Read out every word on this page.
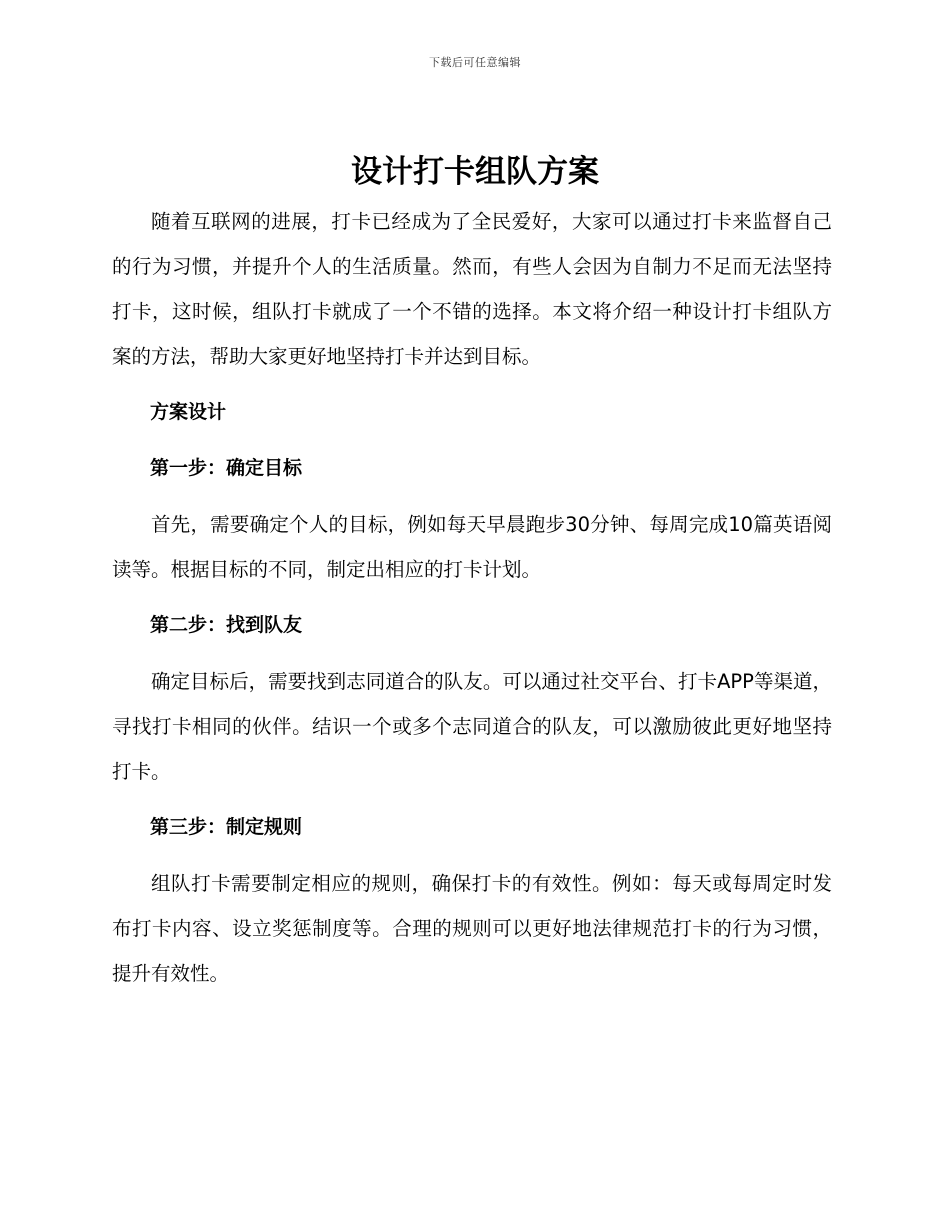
下载后可任意编辑
设计打卡组队方案

随着互联网的进展，打卡已经成为了全民爱好，大家可以通过打卡来监督自己的行为习惯，并提升个人的生活质量。然而，有些人会因为自制力不足而无法坚持打卡，这时候，组队打卡就成了一个不错的选择。本文将介绍一种设计打卡组队方案的方法，帮助大家更好地坚持打卡并达到目标。

方案设计

第一步：确定目标

首先，需要确定个人的目标，例如每天早晨跑步30分钟、每周完成10篇英语阅读等。根据目标的不同，制定出相应的打卡计划。

第二步：找到队友

确定目标后，需要找到志同道合的队友。可以通过社交平台、打卡APP等渠道，寻找打卡相同的伙伴。结识一个或多个志同道合的队友，可以激励彼此更好地坚持打卡。

第三步：制定规则

组队打卡需要制定相应的规则，确保打卡的有效性。例如：每天或每周定时发布打卡内容、设立奖惩制度等。合理的规则可以更好地法律规范打卡的行为习惯，提升有效性。
